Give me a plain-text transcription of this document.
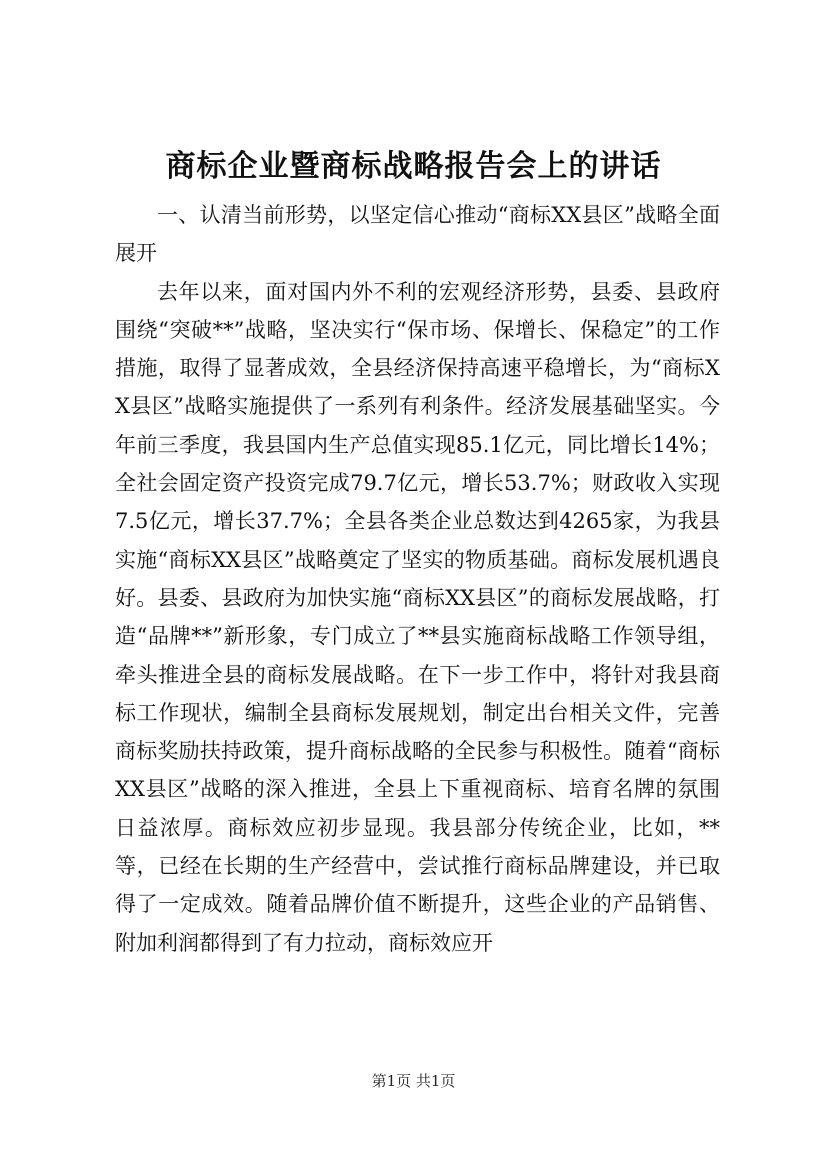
商标企业暨商标战略报告会上的讲话

一、认清当前形势，以坚定信心推动“商标XX县区”战略全面展开

去年以来，面对国内外不利的宏观经济形势，县委、县政府围绕“突破**”战略，坚决实行“保市场、保增长、保稳定”的工作措施，取得了显著成效，全县经济保持高速平稳增长，为“商标XX县区”战略实施提供了一系列有利条件。经济发展基础坚实。今年前三季度，我县国内生产总值实现85.1亿元，同比增长14%；全社会固定资产投资完成79.7亿元，增长53.7%；财政收入实现7.5亿元，增长37.7%；全县各类企业总数达到4265家，为我县实施“商标XX县区”战略奠定了坚实的物质基础。商标发展机遇良好。县委、县政府为加快实施“商标XX县区”的商标发展战略，打造“品牌**”新形象，专门成立了**县实施商标战略工作领导组，牵头推进全县的商标发展战略。在下一步工作中，将针对我县商标工作现状，编制全县商标发展规划，制定出台相关文件，完善商标奖励扶持政策，提升商标战略的全民参与积极性。随着“商标XX县区”战略的深入推进，全县上下重视商标、培育名牌的氛围日益浓厚。商标效应初步显现。我县部分传统企业，比如，**等，已经在长期的生产经营中，尝试推行商标品牌建设，并已取得了一定成效。随着品牌价值不断提升，这些企业的产品销售、附加利润都得到了有力拉动，商标效应开

第1页 共1页
